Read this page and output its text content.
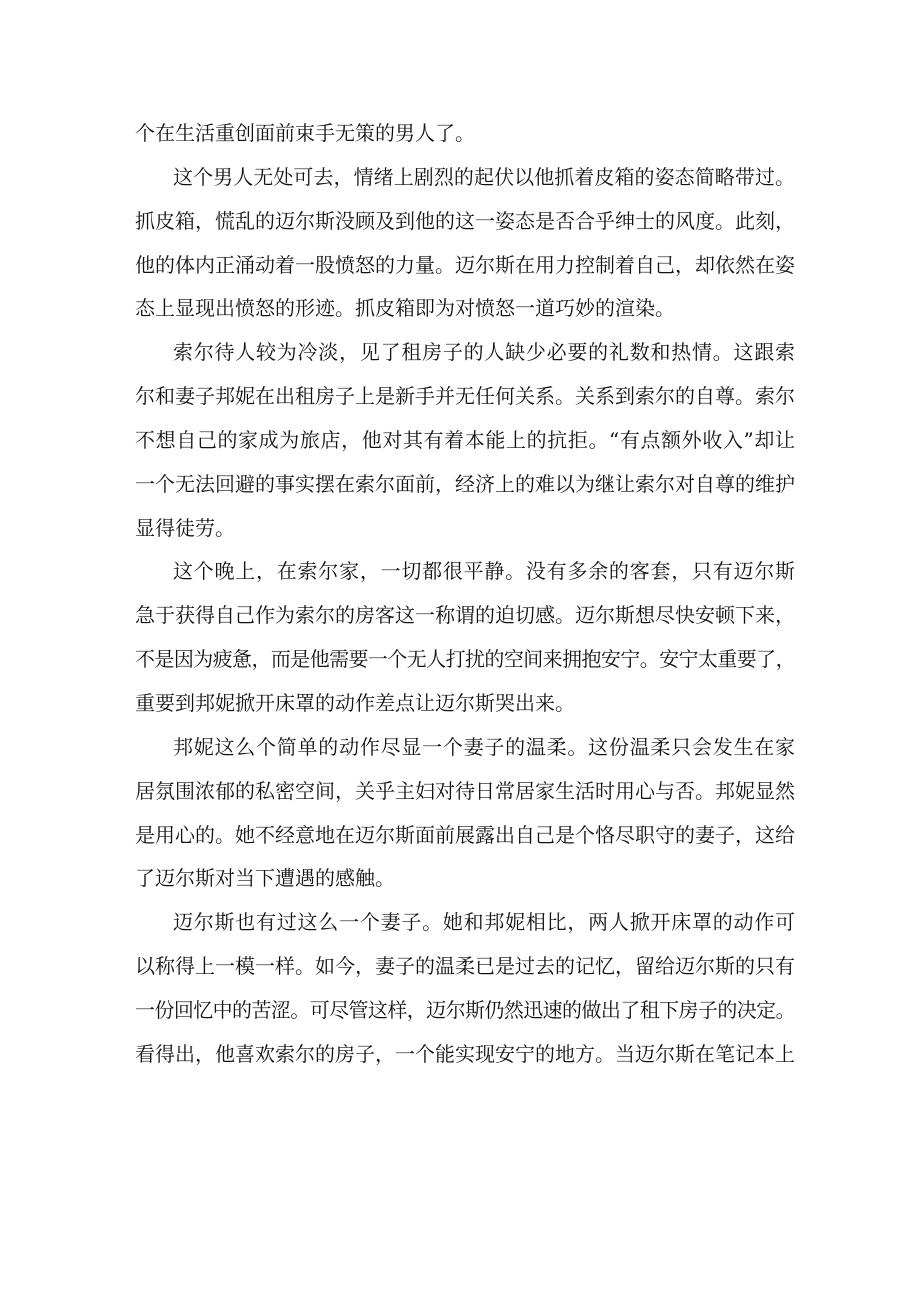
个在生活重创面前束手无策的男人了。
这个男人无处可去，情绪上剧烈的起伏以他抓着皮箱的姿态简略带过。
抓皮箱，慌乱的迈尔斯没顾及到他的这一姿态是否合乎绅士的风度。此刻，
他的体内正涌动着一股愤怒的力量。迈尔斯在用力控制着自己，却依然在姿
态上显现出愤怒的形迹。抓皮箱即为对愤怒一道巧妙的渲染。
索尔待人较为冷淡，见了租房子的人缺少必要的礼数和热情。这跟索
尔和妻子邦妮在出租房子上是新手并无任何关系。关系到索尔的自尊。索尔
不想自己的家成为旅店，他对其有着本能上的抗拒。“有点额外收入”却让
一个无法回避的事实摆在索尔面前，经济上的难以为继让索尔对自尊的维护
显得徒劳。
这个晚上，在索尔家，一切都很平静。没有多余的客套，只有迈尔斯
急于获得自己作为索尔的房客这一称谓的迫切感。迈尔斯想尽快安顿下来，
不是因为疲惫，而是他需要一个无人打扰的空间来拥抱安宁。安宁太重要了，
重要到邦妮掀开床罩的动作差点让迈尔斯哭出来。
邦妮这么个简单的动作尽显一个妻子的温柔。这份温柔只会发生在家
居氛围浓郁的私密空间，关乎主妇对待日常居家生活时用心与否。邦妮显然
是用心的。她不经意地在迈尔斯面前展露出自己是个恪尽职守的妻子，这给
了迈尔斯对当下遭遇的感触。
迈尔斯也有过这么一个妻子。她和邦妮相比，两人掀开床罩的动作可
以称得上一模一样。如今，妻子的温柔已是过去的记忆，留给迈尔斯的只有
一份回忆中的苦涩。可尽管这样，迈尔斯仍然迅速的做出了租下房子的决定。
看得出，他喜欢索尔的房子，一个能实现安宁的地方。当迈尔斯在笔记本上
